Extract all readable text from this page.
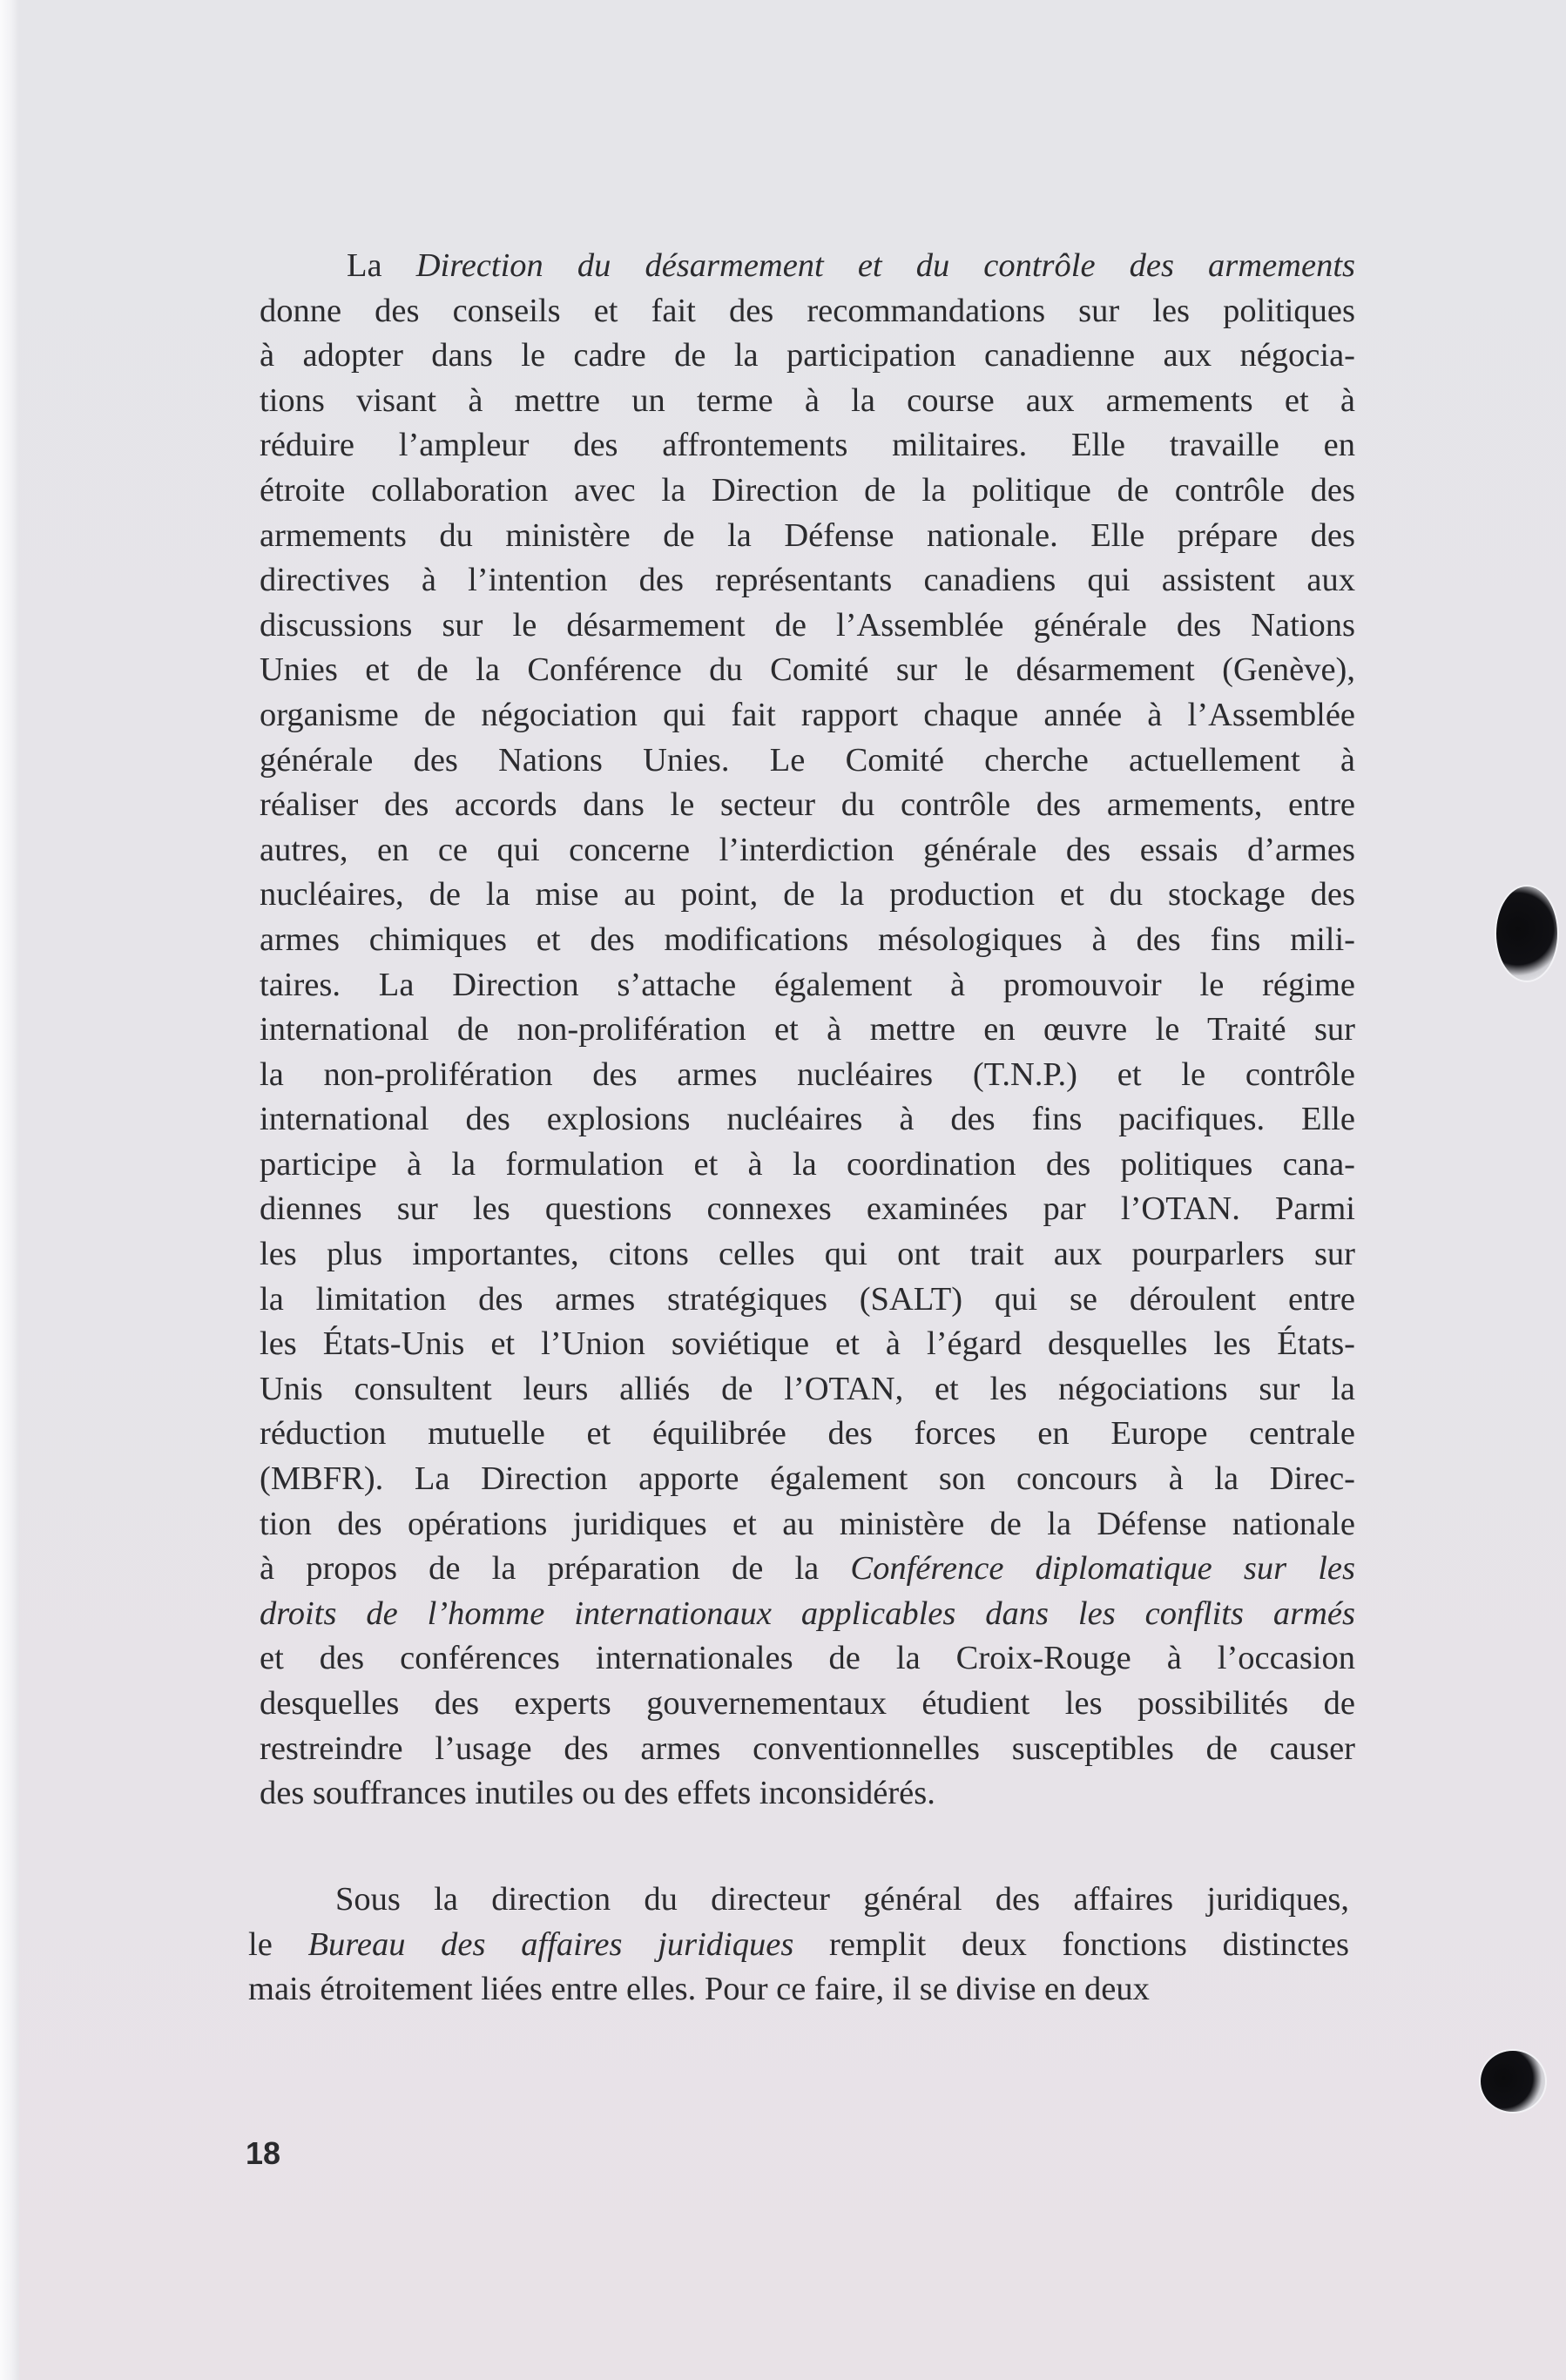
La Direction du désarmement et du contrôle des armements
donne des conseils et fait des recommandations sur les politiques
à adopter dans le cadre de la participation canadienne aux négocia-
tions visant à mettre un terme à la course aux armements et à
réduire l’ampleur des affrontements militaires. Elle travaille en
étroite collaboration avec la Direction de la politique de contrôle des
armements du ministère de la Défense nationale. Elle prépare des
directives à l’intention des représentants canadiens qui assistent aux
discussions sur le désarmement de l’Assemblée générale des Nations
Unies et de la Conférence du Comité sur le désarmement (Genève),
organisme de négociation qui fait rapport chaque année à l’Assemblée
générale des Nations Unies. Le Comité cherche actuellement à
réaliser des accords dans le secteur du contrôle des armements, entre
autres, en ce qui concerne l’interdiction générale des essais d’armes
nucléaires, de la mise au point, de la production et du stockage des
armes chimiques et des modifications mésologiques à des fins mili-
taires. La Direction s’attache également à promouvoir le régime
international de non-prolifération et à mettre en œuvre le Traité sur
la non-prolifération des armes nucléaires (T.N.P.) et le contrôle
international des explosions nucléaires à des fins pacifiques. Elle
participe à la formulation et à la coordination des politiques cana-
diennes sur les questions connexes examinées par l’OTAN. Parmi
les plus importantes, citons celles qui ont trait aux pourparlers sur
la limitation des armes stratégiques (SALT) qui se déroulent entre
les États-Unis et l’Union soviétique et à l’égard desquelles les États-
Unis consultent leurs alliés de l’OTAN, et les négociations sur la
réduction mutuelle et équilibrée des forces en Europe centrale
(MBFR). La Direction apporte également son concours à la Direc-
tion des opérations juridiques et au ministère de la Défense nationale
à propos de la préparation de la Conférence diplomatique sur les
droits de l’homme internationaux applicables dans les conflits armés
et des conférences internationales de la Croix-Rouge à l’occasion
desquelles des experts gouvernementaux étudient les possibilités de
restreindre l’usage des armes conventionnelles susceptibles de causer
des souffrances inutiles ou des effets inconsidérés.
Sous la direction du directeur général des affaires juridiques,
le Bureau des affaires juridiques remplit deux fonctions distinctes
mais étroitement liées entre elles. Pour ce faire, il se divise en deux
18
